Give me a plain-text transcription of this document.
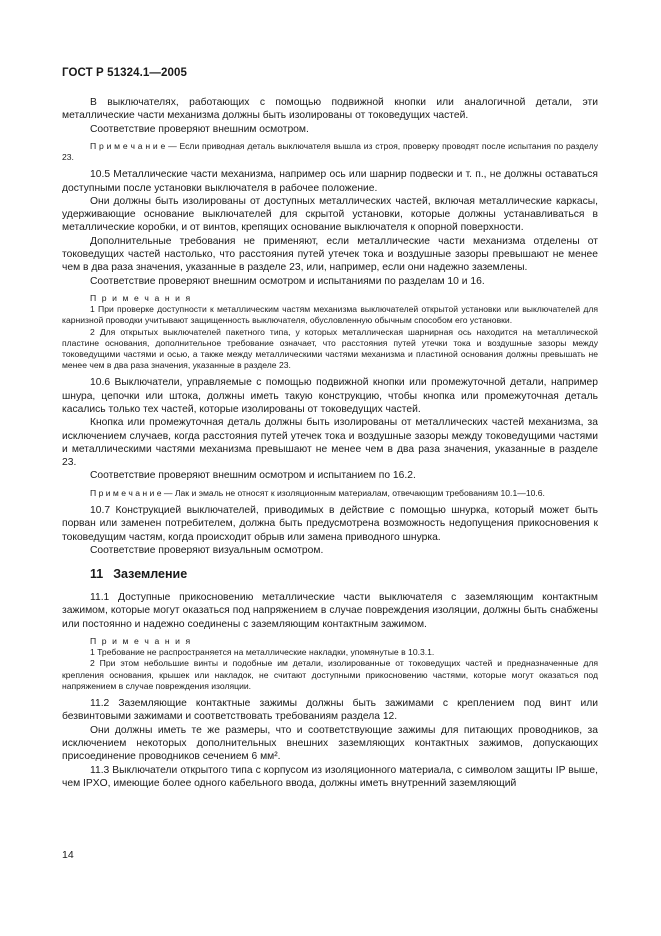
ГОСТ Р 51324.1—2005

В выключателях, работающих с помощью подвижной кнопки или аналогичной детали, эти металлические части механизма должны быть изолированы от токоведущих частей.

Соответствие проверяют внешним осмотром.

П р и м е ч а н и е — Если приводная деталь выключателя вышла из строя, проверку проводят после испытания по разделу 23.

10.5 Металлические части механизма, например ось или шарнир подвески и т. п., не должны оставаться доступными после установки выключателя в рабочее положение.

Они должны быть изолированы от доступных металлических частей, включая металлические каркасы, удерживающие основание выключателей для скрытой установки, которые должны устанавливаться в металлические коробки, и от винтов, крепящих основание выключателя к опорной поверхности.

Дополнительные требования не применяют, если металлические части механизма отделены от токоведущих частей настолько, что расстояния путей утечек тока и воздушные зазоры превышают не менее чем в два раза значения, указанные в разделе 23, или, например, если они надежно заземлены.

Соответствие проверяют внешним осмотром и испытаниями по разделам 10 и 16.

П р и м е ч а н и я

1 При проверке доступности к металлическим частям механизма выключателей открытой установки или выключателей для карнизной проводки учитывают защищенность выключателя, обусловленную обычным способом его установки.

2 Для открытых выключателей пакетного типа, у которых металлическая шарнирная ось находится на металлической пластине основания, дополнительное требование означает, что расстояния путей утечки тока и воздушные зазоры между токоведущими частями и осью, а также между металлическими частями механизма и пластиной основания должны превышать не менее чем в два раза значения, указанные в разделе 23.

10.6 Выключатели, управляемые с помощью подвижной кнопки или промежуточной детали, например шнура, цепочки или штока, должны иметь такую конструкцию, чтобы кнопка или промежуточная деталь касались только тех частей, которые изолированы от токоведущих частей.

Кнопка или промежуточная деталь должны быть изолированы от металлических частей механизма, за исключением случаев, когда расстояния путей утечек тока и воздушные зазоры между токоведущими частями и металлическими частями механизма превышают не менее чем в два раза значения, указанные в разделе 23.

Соответствие проверяют внешним осмотром и испытанием по 16.2.

П р и м е ч а н и е — Лак и эмаль не относят к изоляционным материалам, отвечающим требованиям 10.1—10.6.

10.7 Конструкцией выключателей, приводимых в действие с помощью шнурка, который может быть порван или заменен потребителем, должна быть предусмотрена возможность недопущения прикосновения к токоведущим частям, когда происходит обрыв или замена приводного шнурка.

Соответствие проверяют визуальным осмотром.

11 Заземление

11.1 Доступные прикосновению металлические части выключателя с заземляющим контактным зажимом, которые могут оказаться под напряжением в случае повреждения изоляции, должны быть снабжены или постоянно и надежно соединены с заземляющим контактным зажимом.

П р и м е ч а н и я

1 Требование не распространяется на металлические накладки, упомянутые в 10.3.1.

2 При этом небольшие винты и подобные им детали, изолированные от токоведущих частей и предназначенные для крепления основания, крышек или накладок, не считают доступными прикосновению частями, которые могут оказаться под напряжением в случае повреждения изоляции.

11.2 Заземляющие контактные зажимы должны быть зажимами с креплением под винт или безвинтовыми зажимами и соответствовать требованиям раздела 12.

Они должны иметь те же размеры, что и соответствующие зажимы для питающих проводников, за исключением некоторых дополнительных внешних заземляющих контактных зажимов, допускающих присоединение проводников сечением 6 мм².

11.3 Выключатели открытого типа с корпусом из изоляционного материала, с символом защиты IP выше, чем IPXO, имеющие более одного кабельного ввода, должны иметь внутренний заземляющий

14
